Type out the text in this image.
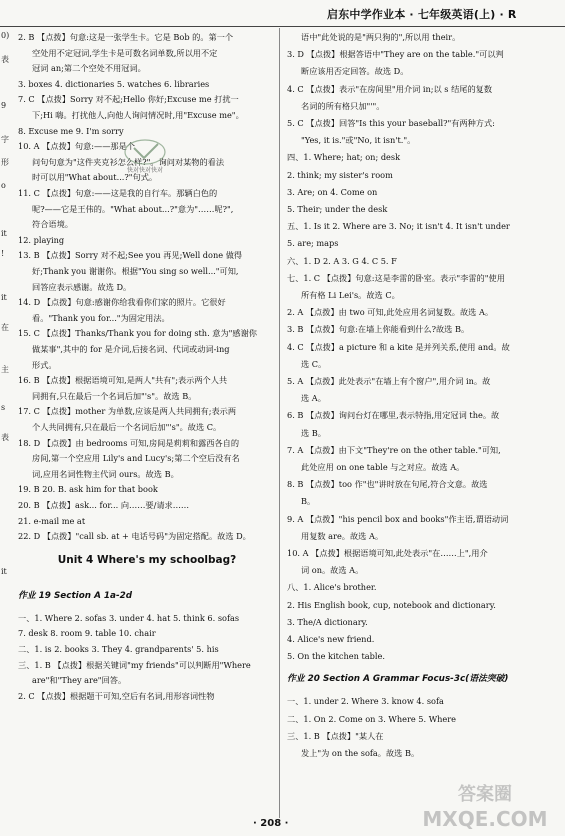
启东中学作业本 · 七年级英语(上) · R
0)
表
9
字
形
o
it
!
it
在
主
s
表
it
2. B 【点拨】句意:这是一张学生卡。它是 Bob 的。第一个
空处用不定冠词,学生卡是可数名词单数,所以用不定
冠词 an;第二个空处不用冠词。
3. boxes 4. dictionaries 5. watches 6. libraries
7. C 【点拨】Sorry 对不起;Hello 你好;Excuse me 打扰一
下;Hi 嗨。打扰他人,向他人询问情况时,用"Excuse me"。
8. Excuse me 9. I'm sorry
10. A 【点拨】句意:——那是个
问句句意为"这件夹克衫怎么样?"。询问对某物的看法
时可以用"What about...?"句式。
11. C 【点拨】句意:——这是我的自行车。那辆白色的
呢?——它是王伟的。"What about...?"意为"……呢?",
符合语境。
12. playing
13. B 【点拨】Sorry 对不起;See you 再见;Well done 做得
好;Thank you 谢谢你。根据"You sing so well..."可知,
回答应表示感谢。故选 D。
14. D 【点拨】句意:感谢你给我看你们家的照片。它很好
看。"Thank you for..."为固定用法。
15. C 【点拨】Thanks/Thank you for doing sth. 意为"感谢你
做某事",其中的 for 是介词,后接名词、代词或动词-ing
形式。
16. B 【点拨】根据语境可知,是两人"共有";表示两个人共
同拥有,只在最后一个名词后加"'s"。故选 B。
17. C 【点拨】mother 为单数,应该是两人共同拥有;表示两
个人共同拥有,只在最后一个名词后加"'s"。故选 C。
18. D 【点拨】由 bedrooms 可知,房间是莉莉和露西各自的
房间,第一个空应用 Lily's and Lucy's;第二个空后没有名
词,应用名词性物主代词 ours。故选 B。
19. B 20. B. ask him for that book
20. B 【点拨】ask... for... 向……要/请求……
21. e-mail me at
22. D 【点拨】"call sb. at + 电话号码"为固定搭配。故选 D。
Unit 4 Where's my schoolbag?
作业 19 Section A 1a-2d
一、1. Where 2. sofas 3. under 4. hat 5. think 6. sofas
7. desk 8. room 9. table 10. chair
二、1. is 2. books 3. They 4. grandparents' 5. his
三、1. B 【点拨】根据关键词"my friends"可以判断用"Where
are"和"They are"回答。
2. C 【点拨】根据题干可知,空后有名词,用形容词性物
语中"此处说的是"两只狗的",所以用 their。
3. D 【点拨】根据答语中"They are on the table."可以判
断应该用否定回答。故选 D。
4. C 【点拨】表示"在房间里"用介词 in;以 s 结尾的复数
名词的所有格只加"'"。
5. C 【点拨】回答"Is this your baseball?"有两种方式:
"Yes, it is."或"No, it isn't."。
四、1. Where; hat; on; desk
2. think; my sister's room
3. Are; on 4. Come on
5. Their; under the desk
五、1. Is it 2. Where are 3. No; it isn't 4. It isn't under
5. are; maps
六、1. D 2. A 3. G 4. C 5. F
七、1. C 【点拨】句意:这是李雷的卧室。表示"李雷的"使用
所有格 Li Lei's。故选 C。
2. A 【点拨】由 two 可知,此处应用名词复数。故选 A。
3. B 【点拨】句意:在墙上你能看到什么?故选 B。
4. C 【点拨】a picture 和 a kite 是并列关系,使用 and。故
选 C。
5. A 【点拨】此处表示"在墙上有个窗户",用介词 in。故
选 A。
6. B 【点拨】询问台灯在哪里,表示特指,用定冠词 the。故
选 B。
7. A 【点拨】由下文"They're on the other table."可知,
此处应用 on one table 与之对应。故选 A。
8. B 【点拨】too 作"也"讲时放在句尾,符合文意。故选
B。
9. A 【点拨】"his pencil box and books"作主语,谓语动词
用复数 are。故选 A。
10. A 【点拨】根据语境可知,此处表示"在……上",用介
词 on。故选 A。
八、1. Alice's brother.
2. His English book, cup, notebook and dictionary.
3. The/A dictionary.
4. Alice's new friend.
5. On the kitchen table.
作业 20 Section A Grammar Focus-3c(语法突破)
一、1. under 2. Where 3. know 4. sofa
二、1. On 2. Come on 3. Where 5. Where
三、1. B 【点拨】"某人在
发上"为 on the sofa。故选 B。
快对快对快对
答案圈
MXQE.COM
· 208 ·
